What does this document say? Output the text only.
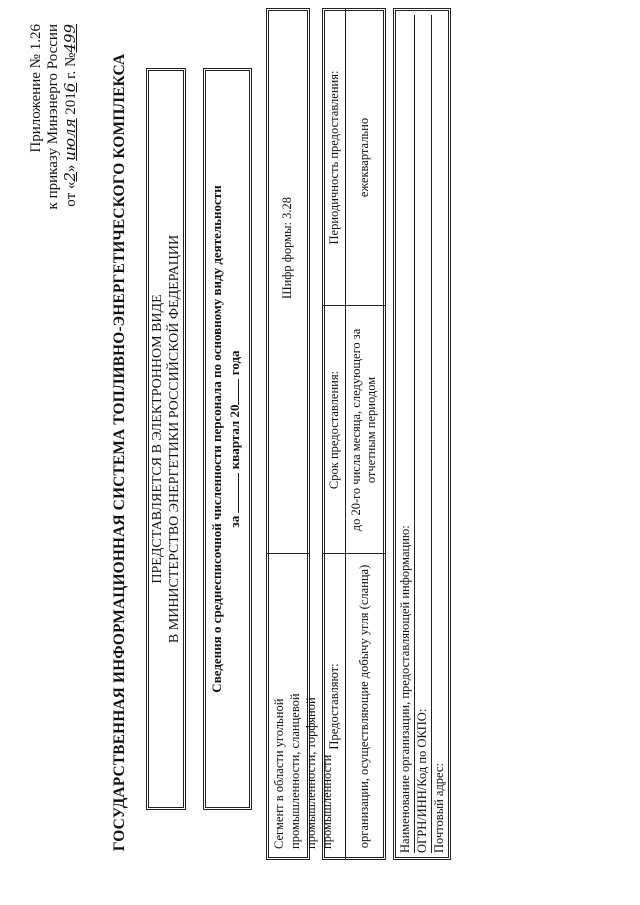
Приложение № 1.26 к приказу Минэнерго России от «2» июля 2016 г. №499
ГОСУДАРСТВЕННАЯ ИНФОРМАЦИОННАЯ СИСТЕМА ТОПЛИВНО-ЭНЕРГЕТИЧЕСКОГО КОМПЛЕКСА ПРЕДСТАВЛЯЕТСЯ В ЭЛЕКТРОННОМ ВИДЕ В МИНИСТЕРСТВО ЭНЕРГЕТИКИ РОССИЙСКОЙ ФЕДЕРАЦИИ Сведения о среднесписочной численности персонала по основному виду деятельности за  квартал 20 года
Сегмент в области угольной промышленности, сланцевой промышленности, торфяной промышленности
Шифр формы: 3.28
Предоставляют:
Срок предоставления:
Периодичность предоставления:
организации, осуществляющие добычу угля (сланца)
до 20-го числа месяца, следующего за отчетным периодом
ежеквартально
Наименование организации, предоставляющей информацию: ОГРН/ИНН/Код по ОКПО: Почтовый адрес:
